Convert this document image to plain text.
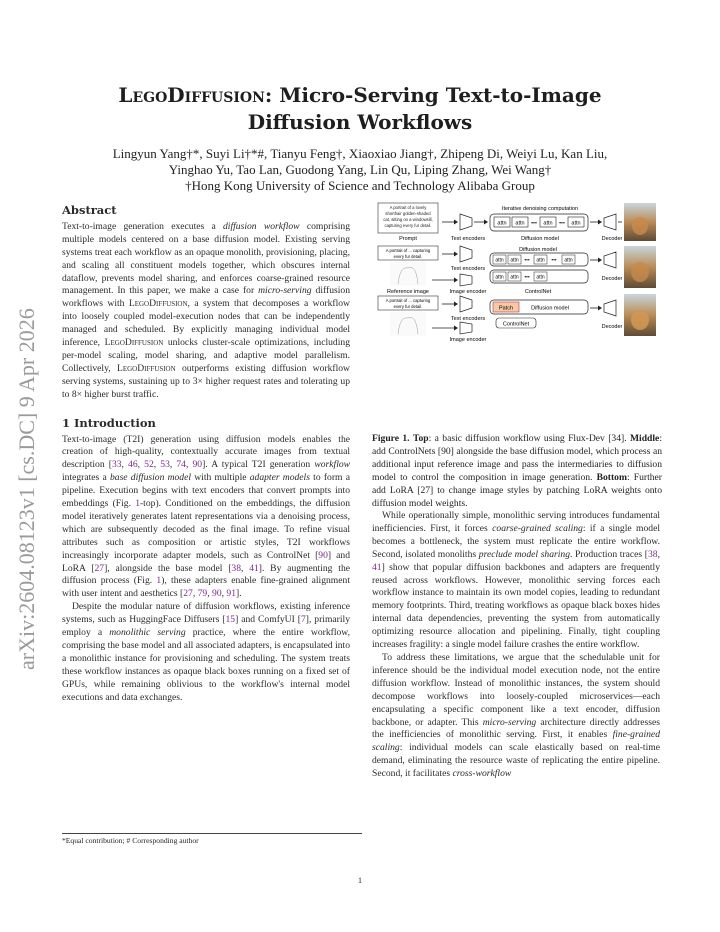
arXiv:2604.08123v1 [cs.DC] 9 Apr 2026
LegoDiffusion: Micro-Serving Text-to-Image
Diffusion Workflows
Lingyun Yang†*, Suyi Li†*#, Tianyu Feng†, Xiaoxiao Jiang†, Zhipeng Di, Weiyi Lu, Kan Liu,
Yinghao Yu, Tao Lan, Guodong Yang, Lin Qu, Liping Zhang, Wei Wang†
†Hong Kong University of Science and Technology Alibaba Group
Abstract

Text-to-image generation executes a diffusion workflow comprising multiple models centered on a base diffusion model. Existing serving systems treat each workflow as an opaque monolith, provisioning, placing, and scaling all constituent models together, which obscures internal dataflow, prevents model sharing, and enforces coarse-grained resource management. In this paper, we make a case for micro-serving diffusion workflows with LegoDiffusion, a system that decomposes a workflow into loosely coupled model-execution nodes that can be independently managed and scheduled. By explicitly managing individual model inference, LegoDiffusion unlocks cluster-scale optimizations, including per-model scaling, model sharing, and adaptive model parallelism. Collectively, LegoDiffusion outperforms existing diffusion workflow serving systems, sustaining up to 3× higher request rates and tolerating up to 8× higher burst traffic.

1 Introduction

Text-to-image (T2I) generation using diffusion models enables the creation of high-quality, contextually accurate images from textual description [33, 46, 52, 53, 74, 90]. A typical T2I generation workflow integrates a base diffusion model with multiple adapter models to form a pipeline. Execution begins with text encoders that convert prompts into embeddings (Fig. 1-top). Conditioned on the embeddings, the diffusion model iteratively generates latent representations via a denoising process, which are subsequently decoded as the final image. To refine visual attributes such as composition or artistic styles, T2I workflows increasingly incorporate adapter models, such as ControlNet [90] and LoRA [27], alongside the base model [38, 41]. By augmenting the diffusion process (Fig. 1), these adapters enable fine-grained alignment with user intent and aesthetics [27, 79, 90, 91].

Despite the modular nature of diffusion workflows, existing inference systems, such as HuggingFace Diffusers [15] and ComfyUI [7], primarily employ a monolithic serving practice, where the entire workflow, comprising the base model and all associated adapters, is encapsulated into a monolithic instance for provisioning and scheduling. The system treats these workflow instances as opaque black boxes running on a fixed set of GPUs, while remaining oblivious to the workflow's internal model executions and data exchanges.

*Equal contribution; # Corresponding author
A portrait of a lovely
shorthair golden-shaded
cat, sitting on a windowsill,
capturing every fur detail.
Prompt	Text encoders
Iterative denoising computation
attn attn ••• attn ••• attn
Diffusion model	Decoder
A portrait of ... capturing
every fur detail.
Reference image
Text encoders
Image encoder
Diffusion model
attn attn ••• attn ••• attn
attn attn ••• attn
ControlNet
Decoder
A portrait of ... capturing
every fur detail.
Text encoders
Image encoder
Patch	Diffusion model
ControlNet	Decoder
Figure 1. Top: a basic diffusion workflow using Flux-Dev [34]. Middle: add ControlNets [90] alongside the base diffusion model, which process an additional input reference image and pass the intermediaries to diffusion model to control the composition in image generation. Bottom: Further add LoRA [27] to change image styles by patching LoRA weights onto diffusion model weights.

While operationally simple, monolithic serving introduces fundamental inefficiencies. First, it forces coarse-grained scaling: if a single model becomes a bottleneck, the system must replicate the entire workflow. Second, isolated monoliths preclude model sharing. Production traces [38, 41] show that popular diffusion backbones and adapters are frequently reused across workflows. However, monolithic serving forces each workflow instance to maintain its own model copies, leading to redundant memory footprints. Third, treating workflows as opaque black boxes hides internal data dependencies, preventing the system from automatically optimizing resource allocation and pipelining. Finally, tight coupling increases fragility: a single model failure crashes the entire workflow.

To address these limitations, we argue that the schedulable unit for inference should be the individual model execution node, not the entire diffusion workflow. Instead of monolithic instances, the system should decompose workflows into loosely-coupled microservices—each encapsulating a specific component like a text encoder, diffusion backbone, or adapter. This micro-serving architecture directly addresses the inefficiencies of monolithic serving. First, it enables fine-grained scaling: individual models can scale elastically based on real-time demand, eliminating the resource waste of replicating the entire pipeline. Second, it facilitates cross-workflow

1
